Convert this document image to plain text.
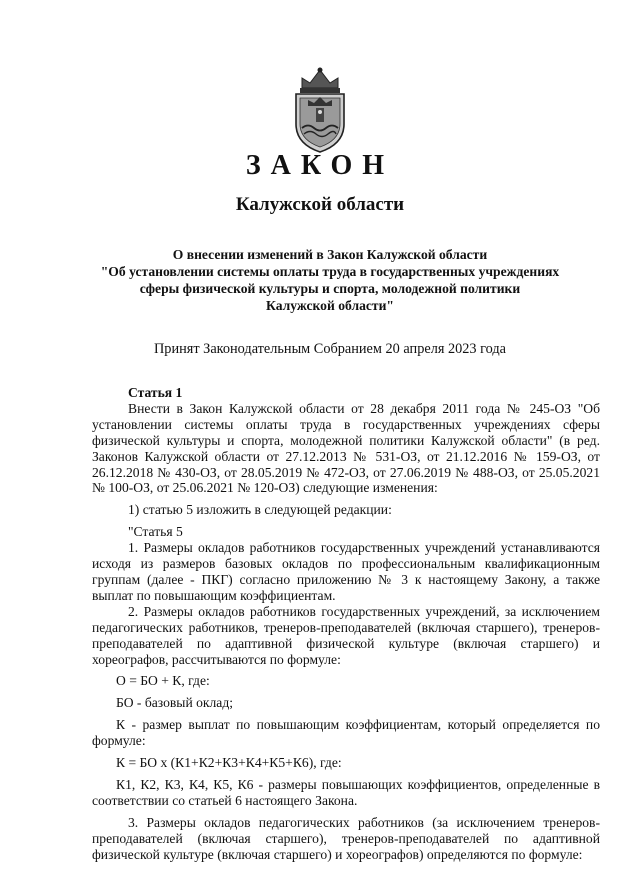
ЗАКОН
Калужской области
О внесении изменений в Закон Калужской области
"Об установлении системы оплаты труда в государственных учреждениях
сферы физической культуры и спорта, молодежной политики
Калужской области"
Принят Законодательным Собранием 20 апреля 2023 года

Статья 1

Внести в Закон Калужской области от 28 декабря 2011 года № 245-ОЗ "Об установлении системы оплаты труда в государственных учреждениях сферы физической культуры и спорта, молодежной политики Калужской области" (в ред. Законов Калужской области от 27.12.2013 № 531-ОЗ, от 21.12.2016 № 159-ОЗ, от 26.12.2018 № 430-ОЗ, от 28.05.2019 № 472-ОЗ, от 27.06.2019 № 488-ОЗ, от 25.05.2021 № 100-ОЗ, от 25.06.2021 № 120-ОЗ) следующие изменения:

1) статью 5 изложить в следующей редакции:

"Статья 5

1. Размеры окладов работников государственных учреждений устанавливаются исходя из размеров базовых окладов по профессиональным квалификационным группам (далее - ПКГ) согласно приложению № 3 к настоящему Закону, а также выплат по повышающим коэффициентам.

2. Размеры окладов работников государственных учреждений, за исключением педагогических работников, тренеров-преподавателей (включая старшего), тренеров-преподавателей по адаптивной физической культуре (включая старшего) и хореографов, рассчитываются по формуле:

О = БО + К, где:

БО - базовый оклад;

К - размер выплат по повышающим коэффициентам, который определяется по формуле:

К = БО х (К1+К2+К3+К4+К5+К6), где:

К1, К2, К3, К4, К5, К6 - размеры повышающих коэффициентов, определенные в соответствии со статьей 6 настоящего Закона.

3. Размеры окладов педагогических работников (за исключением тренеров-преподавателей (включая старшего), тренеров-преподавателей по адаптивной физической культуре (включая старшего) и хореографов) определяются по формуле:
